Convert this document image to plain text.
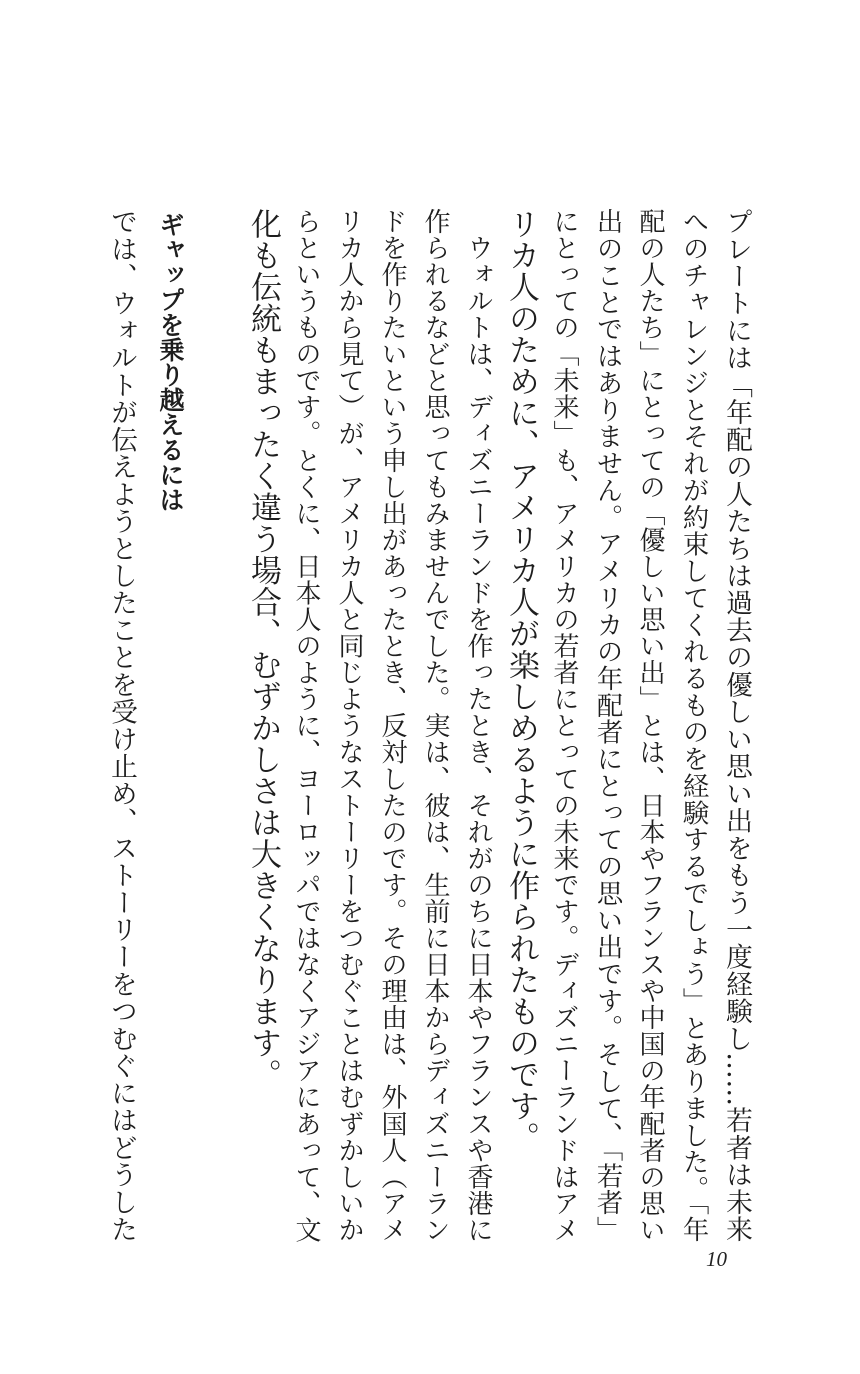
プレートには「年配の人たちは過去の優しい思い出をもう一度経験し……若者は未来
へのチャレンジとそれが約束してくれるものを経験するでしょう」とありました。「年
配の人たち」にとっての「優しい思い出」とは、日本やフランスや中国の年配者の思い
出のことではありません。アメリカの年配者にとっての思い出です。そして、「若者」
にとっての「未来」も、アメリカの若者にとっての未来です。ディズニーランドはアメ
リカ人のために、アメリカ人が楽しめるように作られたものです。
　ウォルトは、ディズニーランドを作ったとき、それがのちに日本やフランスや香港に
作られるなどと思ってもみませんでした。実は、彼は、生前に日本からディズニーラン
ドを作りたいという申し出があったとき、反対したのです。その理由は、外国人（アメ
リカ人から見て）が、アメリカ人と同じようなストーリーをつむぐことはむずかしいか
らというものです。とくに、日本人のように、ヨーロッパではなくアジアにあって、文
化も伝統もまったく違う場合、むずかしさは大きくなります。
ギャップを乗り越えるには
では、ウォルトが伝えようとしたことを受け止め、ストーリーをつむぐにはどうした
10
